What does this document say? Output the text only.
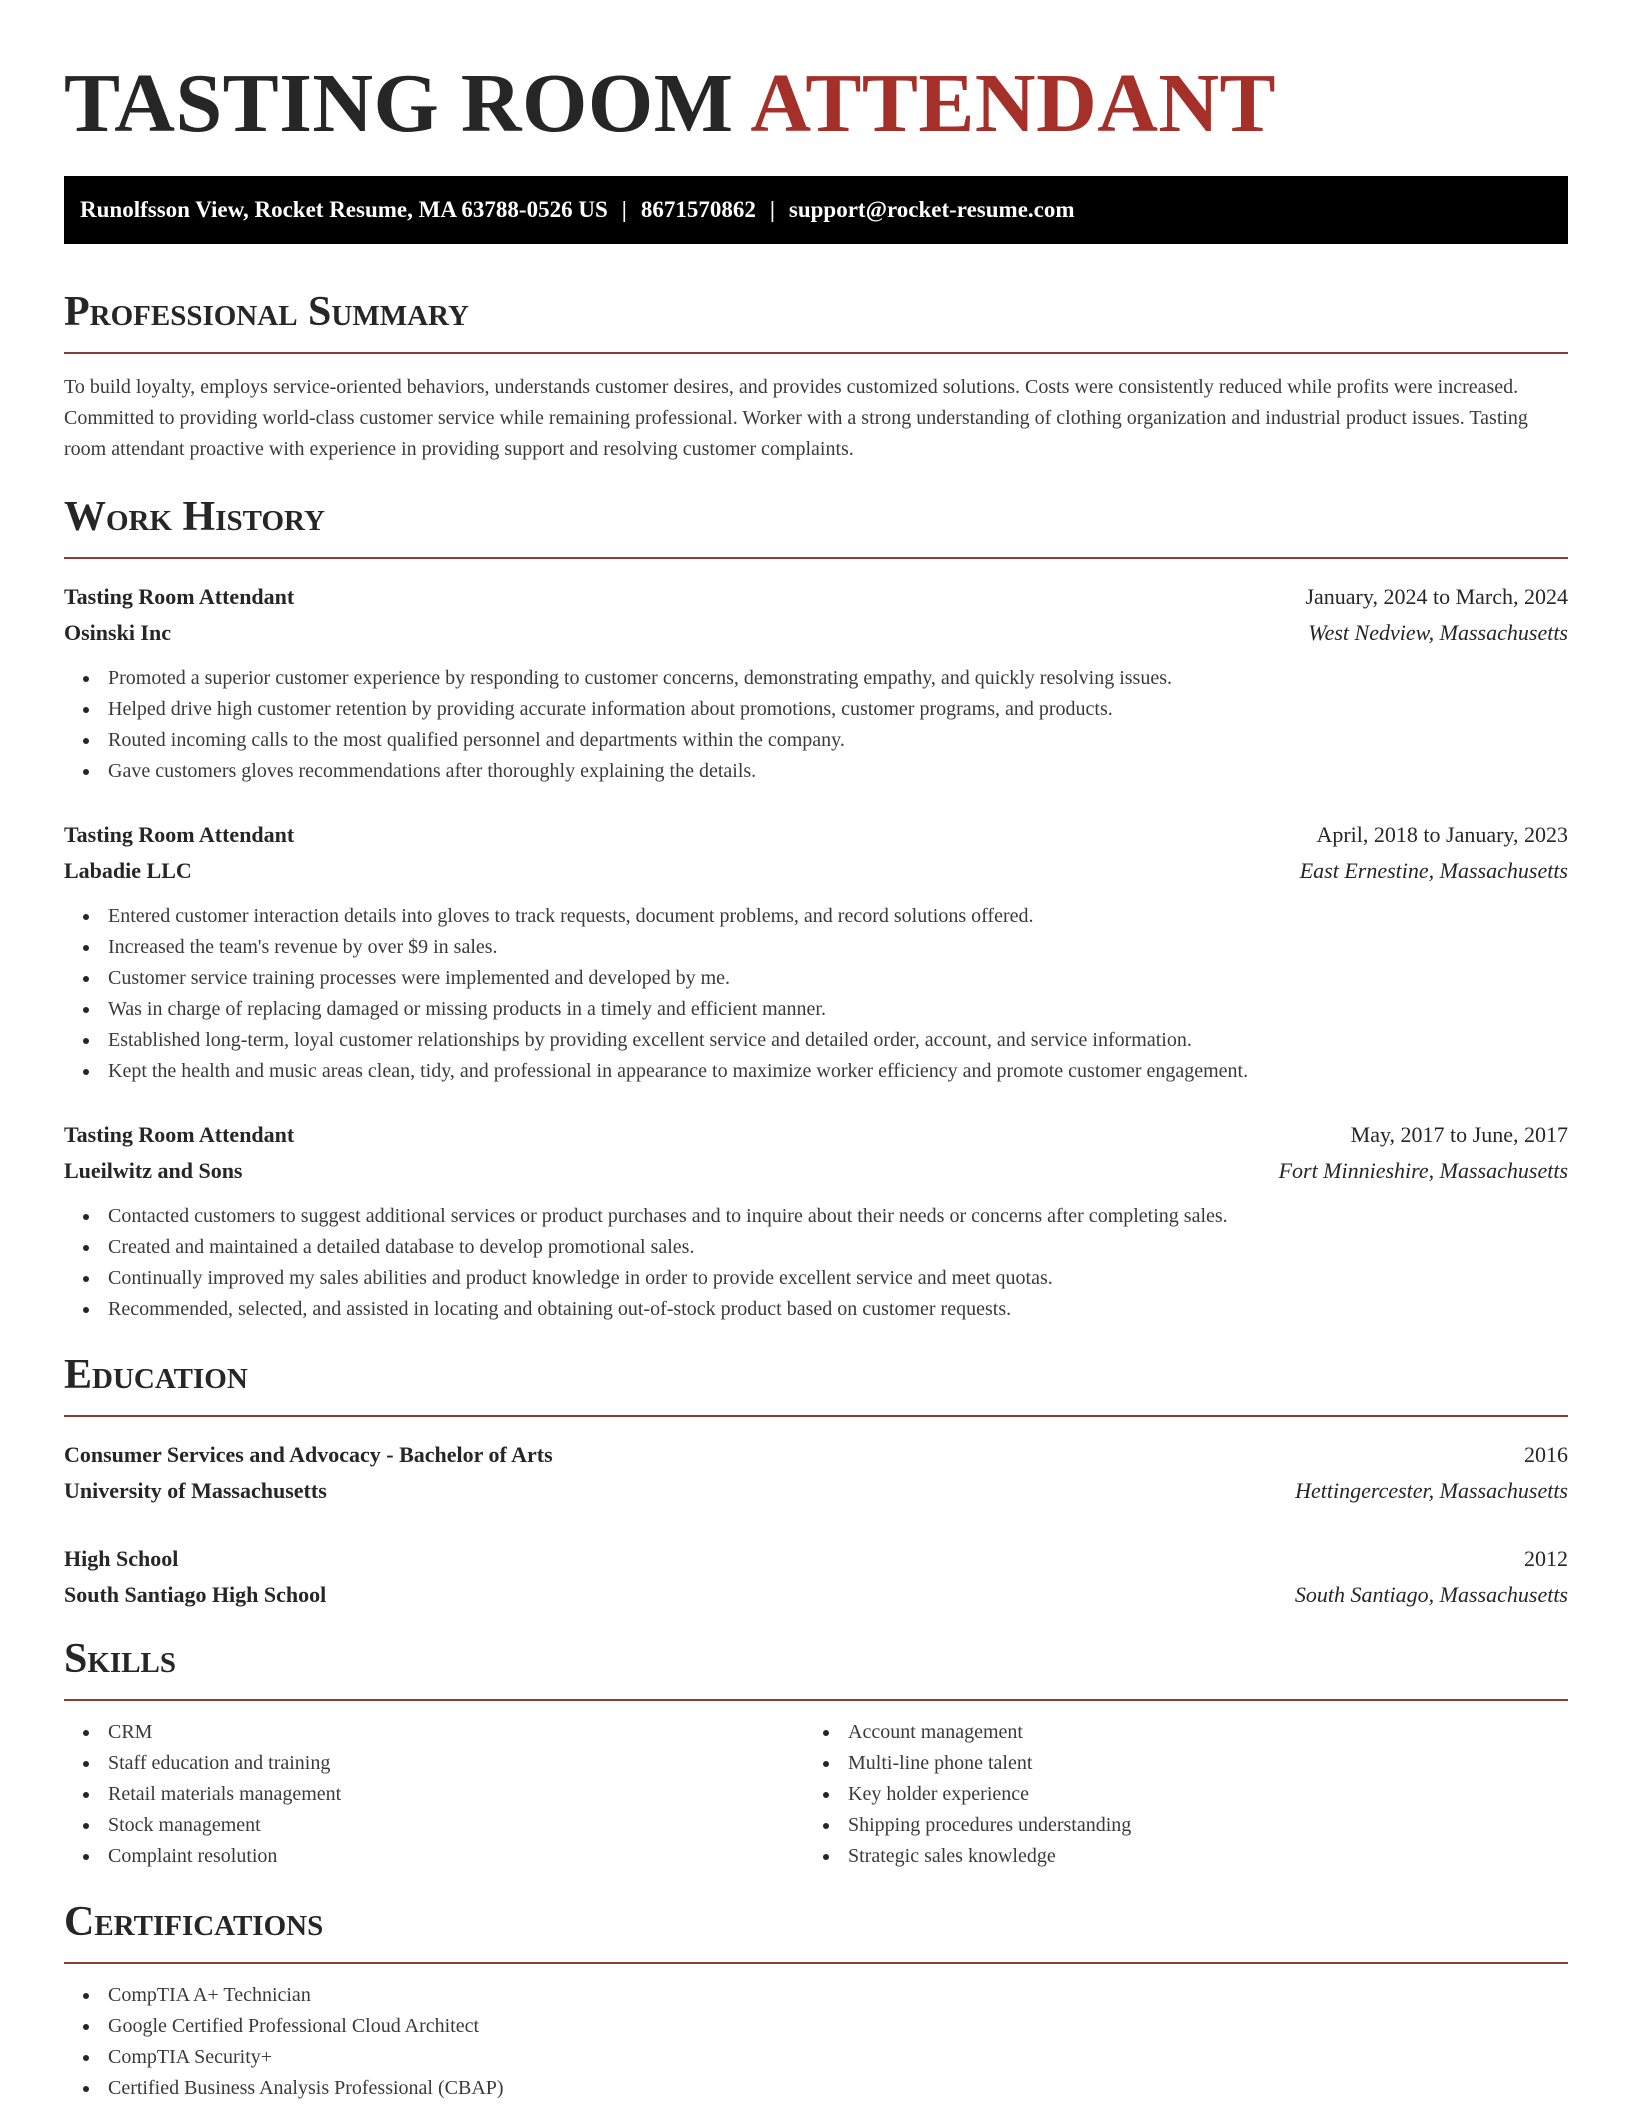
TASTING ROOM ATTENDANT
Runolfsson View, Rocket Resume, MA 63788-0526 US | 8671570862 | support@rocket-resume.com
Professional Summary

To build loyalty, employs service-oriented behaviors, understands customer desires, and provides customized solutions. Costs were consistently reduced while profits were increased. Committed to providing world-class customer service while remaining professional. Worker with a strong understanding of clothing organization and industrial product issues. Tasting room attendant proactive with experience in providing support and resolving customer complaints.

Work History
Tasting Room Attendant	January, 2024 to March, 2024
Osinski Inc	West Nedview, Massachusetts
Promoted a superior customer experience by responding to customer concerns, demonstrating empathy, and quickly resolving issues.
Helped drive high customer retention by providing accurate information about promotions, customer programs, and products.
Routed incoming calls to the most qualified personnel and departments within the company.
Gave customers gloves recommendations after thoroughly explaining the details.
Tasting Room Attendant	April, 2018 to January, 2023
Labadie LLC	East Ernestine, Massachusetts
Entered customer interaction details into gloves to track requests, document problems, and record solutions offered.
Increased the team's revenue by over $9 in sales.
Customer service training processes were implemented and developed by me.
Was in charge of replacing damaged or missing products in a timely and efficient manner.
Established long-term, loyal customer relationships by providing excellent service and detailed order, account, and service information.
Kept the health and music areas clean, tidy, and professional in appearance to maximize worker efficiency and promote customer engagement.
Tasting Room Attendant	May, 2017 to June, 2017
Lueilwitz and Sons	Fort Minnieshire, Massachusetts
Contacted customers to suggest additional services or product purchases and to inquire about their needs or concerns after completing sales.
Created and maintained a detailed database to develop promotional sales.
Continually improved my sales abilities and product knowledge in order to provide excellent service and meet quotas.
Recommended, selected, and assisted in locating and obtaining out-of-stock product based on customer requests.
Education
Consumer Services and Advocacy - Bachelor of Arts	2016
University of Massachusetts	Hettingercester, Massachusetts
High School	2012
South Santiago High School	South Santiago, Massachusetts
Skills
CRM
Staff education and training
Retail materials management
Stock management
Complaint resolution
Account management
Multi-line phone talent
Key holder experience
Shipping procedures understanding
Strategic sales knowledge
Certifications
CompTIA A+ Technician
Google Certified Professional Cloud Architect
CompTIA Security+
Certified Business Analysis Professional (CBAP)
